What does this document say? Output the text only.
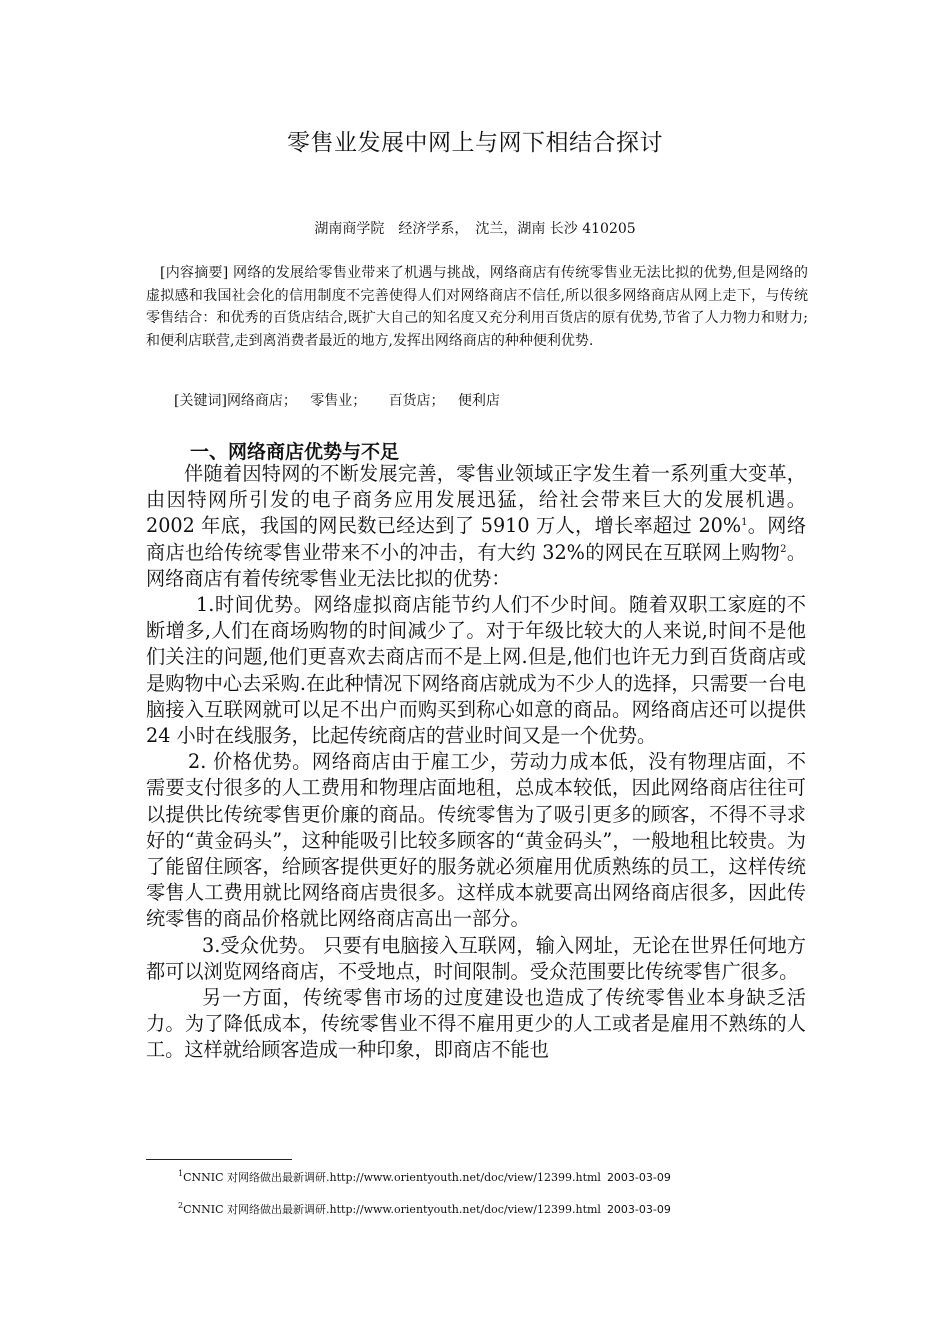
零售业发展中网上与网下相结合探讨

湖南商学院　经济学系，　沈兰，湖南 长沙 410205

[内容摘要] 网络的发展给零售业带来了机遇与挑战，网络商店有传统零售业无法比拟的优势,但是网络的虚拟感和我国社会化的信用制度不完善使得人们对网络商店不信任,所以很多网络商店从网上走下，与传统零售结合：和优秀的百货店结合,既扩大自己的知名度又充分利用百货店的原有优势,节省了人力物力和财力;和便利店联营,走到离消费者最近的地方,发挥出网络商店的种种便利优势.

[关键词]网络商店； 零售业； 百货店； 便利店

一、网络商店优势与不足

伴随着因特网的不断发展完善，零售业领域正字发生着一系列重大变革，由因特网所引发的电子商务应用发展迅猛，给社会带来巨大的发展机遇。2002 年底，我国的网民数已经达到了 5910 万人，增长率超过 20%$^1$。网络商店也给传统零售业带来不小的冲击，有大约 32%的网民在互联网上购物$^2$。网络商店有着传统零售业无法比拟的优势：

1.时间优势。网络虚拟商店能节约人们不少时间。随着双职工家庭的不断增多,人们在商场购物的时间减少了。对于年级比较大的人来说,时间不是他们关注的问题,他们更喜欢去商店而不是上网.但是,他们也许无力到百货商店或是购物中心去采购.在此种情况下网络商店就成为不少人的选择，只需要一台电脑接入互联网就可以足不出户而购买到称心如意的商品。网络商店还可以提供 24 小时在线服务，比起传统商店的营业时间又是一个优势。

2. 价格优势。网络商店由于雇工少，劳动力成本低，没有物理店面，不需要支付很多的人工费用和物理店面地租，总成本较低，因此网络商店往往可以提供比传统零售更价廉的商品。传统零售为了吸引更多的顾客，不得不寻求好的“黄金码头”，这种能吸引比较多顾客的“黄金码头”，一般地租比较贵。为了能留住顾客，给顾客提供更好的服务就必须雇用优质熟练的员工，这样传统零售人工费用就比网络商店贵很多。这样成本就要高出网络商店很多，因此传统零售的商品价格就比网络商店高出一部分。

3.受众优势。 只要有电脑接入互联网，输入网址，无论在世界任何地方都可以浏览网络商店，不受地点，时间限制。受众范围要比传统零售广很多。

另一方面，传统零售市场的过度建设也造成了传统零售业本身缺乏活力。为了降低成本，传统零售业不得不雇用更少的人工或者是雇用不熟练的人工。这样就给顾客造成一种印象，即商店不能也

$^1$CNNIC 对网络做出最新调研.http://www.orientyouth.net/doc/view/12399.html 2003-03-09

$^2$CNNIC 对网络做出最新调研.http://www.orientyouth.net/doc/view/12399.html 2003-03-09
